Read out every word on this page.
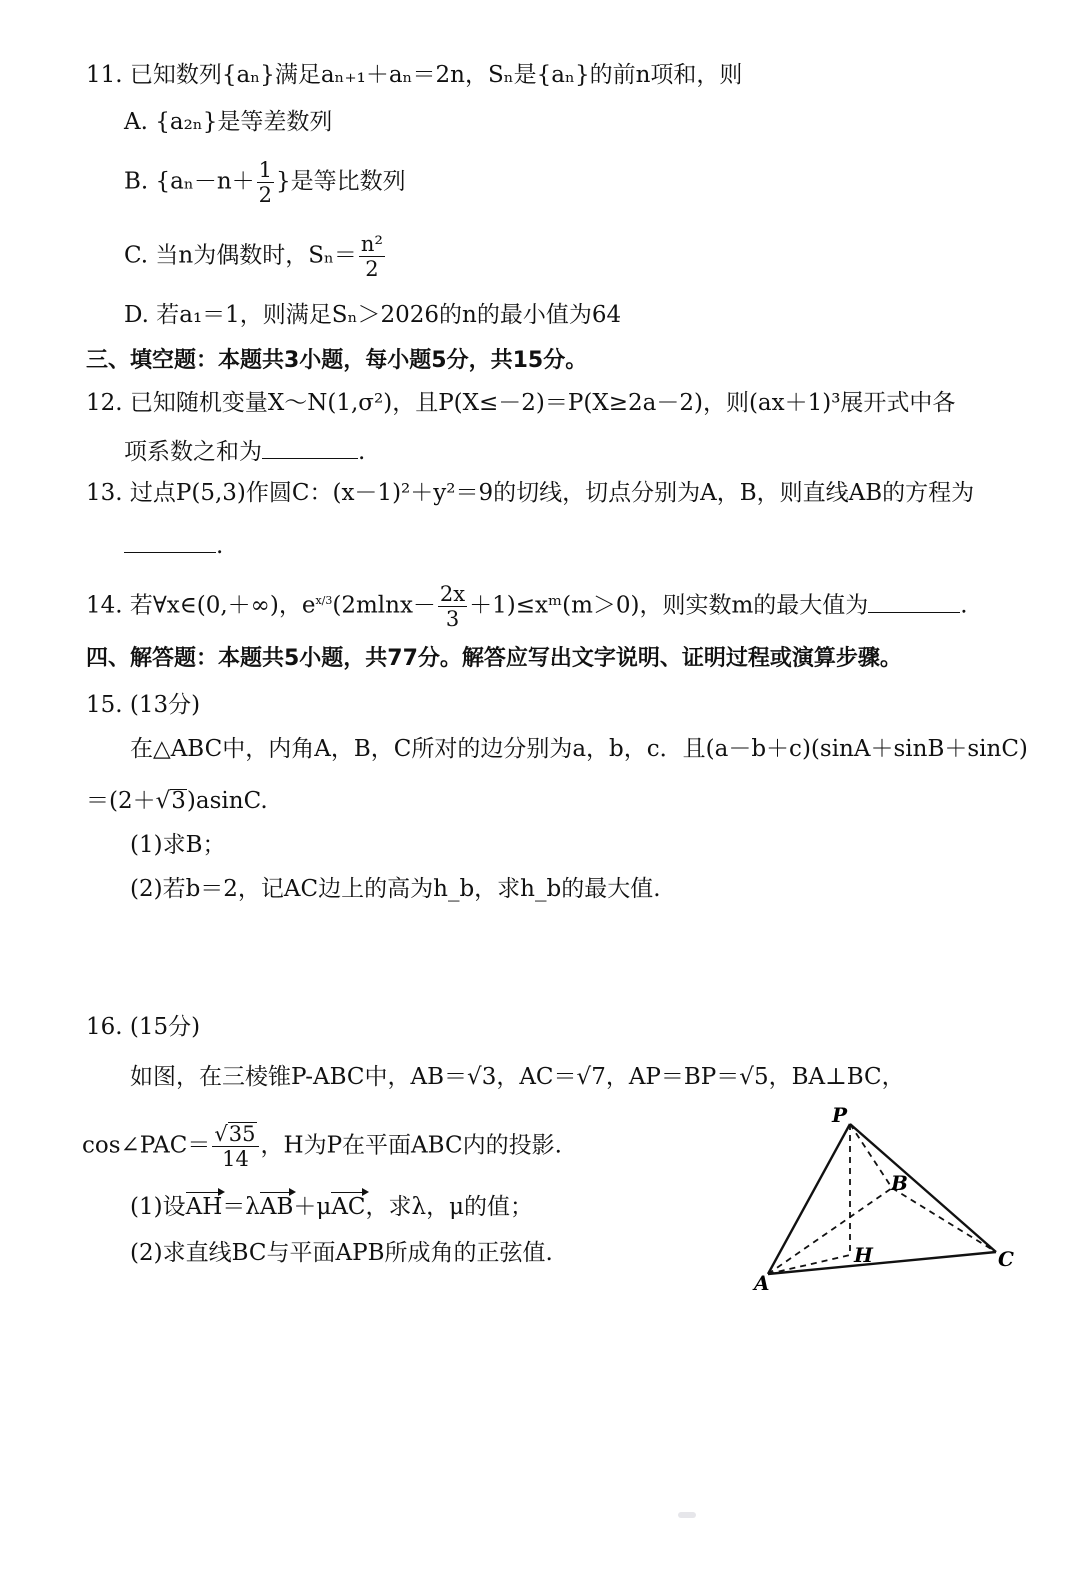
11. 已知数列{aₙ}满足aₙ₊₁＋aₙ＝2n，Sₙ是{aₙ}的前n项和，则
A. {a₂ₙ}是等差数列
B. {$a_n-n+ \frac{1}{2}$ }是等比数列
C. 当n为偶数时，$S_n= \frac{\text{n²}}{2}$
D. 若a₁＝1，则满足Sₙ＞2026的n的最小值为64
三、填空题：本题共3小题，每小题5分，共15分。
12. 已知随机变量X～N(1,σ²)，且P(X≤－2)＝P(X≥2a－2)，则(ax＋1)³展开式中各
项系数之和为	.
13. 过点P(5,3)作圆C：(x－1)²＋y²＝9的切线，切点分别为A，B，则直线AB的方程为
.
14. 若∀x∈(0,＋∞)，$e^{x/3}(2mlnx- \frac{2x}{3}$ ＋1)≤xᵐ(m＞0)，则实数m的最大值为	.
四、解答题：本题共5小题，共77分。解答应写出文字说明、证明过程或演算步骤。
15. (13分)
在△ABC中，内角A，B，C所对的边分别为a，b，c．且(a－b＋c)(sinA＋sinB＋sinC)
＝(2＋√3)asinC.
(1)求B；
(2)若b＝2，记AC边上的高为h_b，求h_b的最大值.
16. (15分)
如图，在三棱锥P-ABC中，AB＝√3，AC＝√7，AP＝BP＝√5，BA⊥BC，
cos∠PAC＝ $\frac{√35}{14}$ ，H为P在平面ABC内的投影.
(1)设AH＝λAB＋μAC，求λ，μ的值；
(2)求直线BC与平面APB所成角的正弦值.
P
A
B
C
H
